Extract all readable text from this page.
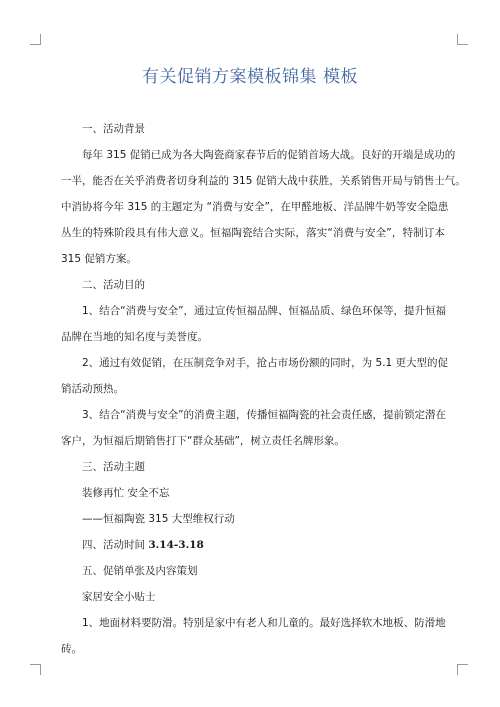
有关促销方案模板锦集 模板
一、活动背景
每年 315 促销已成为各大陶瓷商家春节后的促销首场大战。良好的开端是成功的
一半，能否在关乎消费者切身利益的 315 促销大战中获胜，关系销售开局与销售士气。
中消协将今年 315 的主题定为 “消费与安全”，在甲醛地板、洋品牌牛奶等安全隐患
丛生的特殊阶段具有伟大意义。恒福陶瓷结合实际，落实“消费与安全”，特制订本
315 促销方案。
二、活动目的
1、结合“消费与安全”，通过宣传恒福品牌、恒福品质、绿色环保等，提升恒福
品牌在当地的知名度与美誉度。
2、通过有效促销，在压制竞争对手，抢占市场份额的同时，为 5.1 更大型的促
销活动预热。
3、结合“消费与安全”的消费主题，传播恒福陶瓷的社会责任感，提前锁定潜在
客户，为恒福后期销售打下“群众基础”，树立责任名牌形象。
三、活动主题
装修再忙 安全不忘
——恒福陶瓷 315 大型维权行动
四、活动时间 3.14-3.18
五、促销单张及内容策划
家居安全小贴士
1、地面材料要防滑。特别是家中有老人和儿童的。最好选择软木地板、防滑地
砖。
